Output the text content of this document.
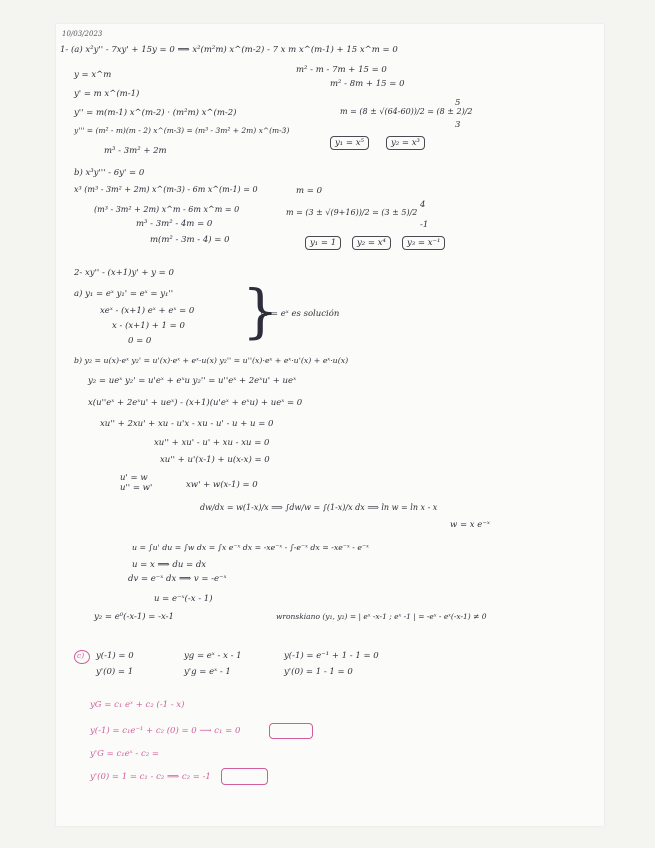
10/03/2023
1- (a) x²y'' - 7xy' + 15y = 0 ⟹ x²(m²m) x^(m-2) - 7 x m x^(m-1) + 15 x^m = 0
y = x^m
y' = m x^(m-1)
y'' = m(m-1) x^(m-2) · (m²m) x^(m-2)
y''' = (m² - m)(m - 2) x^(m-3) = (m³ - 3m² + 2m) x^(m-3)
m³ - 3m² + 2m
m² - m - 7m + 15 = 0
m² - 8m + 15 = 0
m = (8 ± √(64-60))/2 = (8 ± 2)/2
5
3
y₁ = x⁵	y₂ = x³
b) x³y''' - 6y' = 0
x³ (m³ - 3m² + 2m) x^(m-3) - 6m x^(m-1) = 0
(m³ - 3m² + 2m) x^m - 6m x^m = 0
m³ - 3m² - 4m = 0
m(m² - 3m - 4) = 0
m = 0
m = (3 ± √(9+16))/2 = (3 ± 5)/2
4
-1
y₁ = 1	y₂ = x⁴	y₃ = x⁻¹
2- xy'' - (x+1)y' + y = 0
a) y₁ = eˣ y₁' = eˣ = y₁''
xeˣ - (x+1) eˣ + eˣ = 0
x - (x+1) + 1 = 0
0 = 0 }
y₁ = eˣ es solución
b) y₂ = u(x)·eˣ y₂' = u'(x)·eˣ + eˣ·u(x) y₂'' = u''(x)·eˣ + eˣ·u'(x) + eˣ·u(x)
y₂ = ueˣ y₂' = u'eˣ + eˣu y₂'' = u''eˣ + 2eˣu' + ueˣ
x(u''eˣ + 2eˣu' + ueˣ) - (x+1)(u'eˣ + eˣu) + ueˣ = 0
xu'' + 2xu' + xu - u'x - xu - u' - u + u = 0
xu'' + xu' - u' + xu - xu = 0
xu'' + u'(x-1) + u(x-x) = 0
u' = w
u'' = w'	xw' + w(x-1) = 0
dw/dx = w(1-x)/x ⟹ ∫dw/w = ∫(1-x)/x dx ⟹ ln w = ln x - x
w = x e⁻ˣ
u = ∫u' du = ∫w dx = ∫x e⁻ˣ dx = -xe⁻ˣ - ∫-e⁻ˣ dx = -xe⁻ˣ - e⁻ˣ
u = x ⟹ du = dx
dv = e⁻ˣ dx ⟹ v = -e⁻ˣ
u = e⁻ˣ(-x - 1)
y₂ = e⁰(-x-1) = -x-1	wronskiano (y₁, y₂) = | eˣ -x-1 ; eˣ -1 | = -eˣ - eˣ(-x-1) ≠ 0
c) y(-1) = 0
y'(0) = 1
yg = eˣ - x - 1
y'g = eˣ - 1
y(-1) = e⁻¹ + 1 - 1 = 0
y'(0) = 1 - 1 = 0
yG = c₁ eˣ + c₂ (-1 - x)
y(-1) = c₁e⁻¹ + c₂ (0) = 0 ⟶ c₁ = 0
y'G = c₁eˣ - c₂ =
y'(0) = 1 = c₁ - c₂ ⟹ c₂ = -1
